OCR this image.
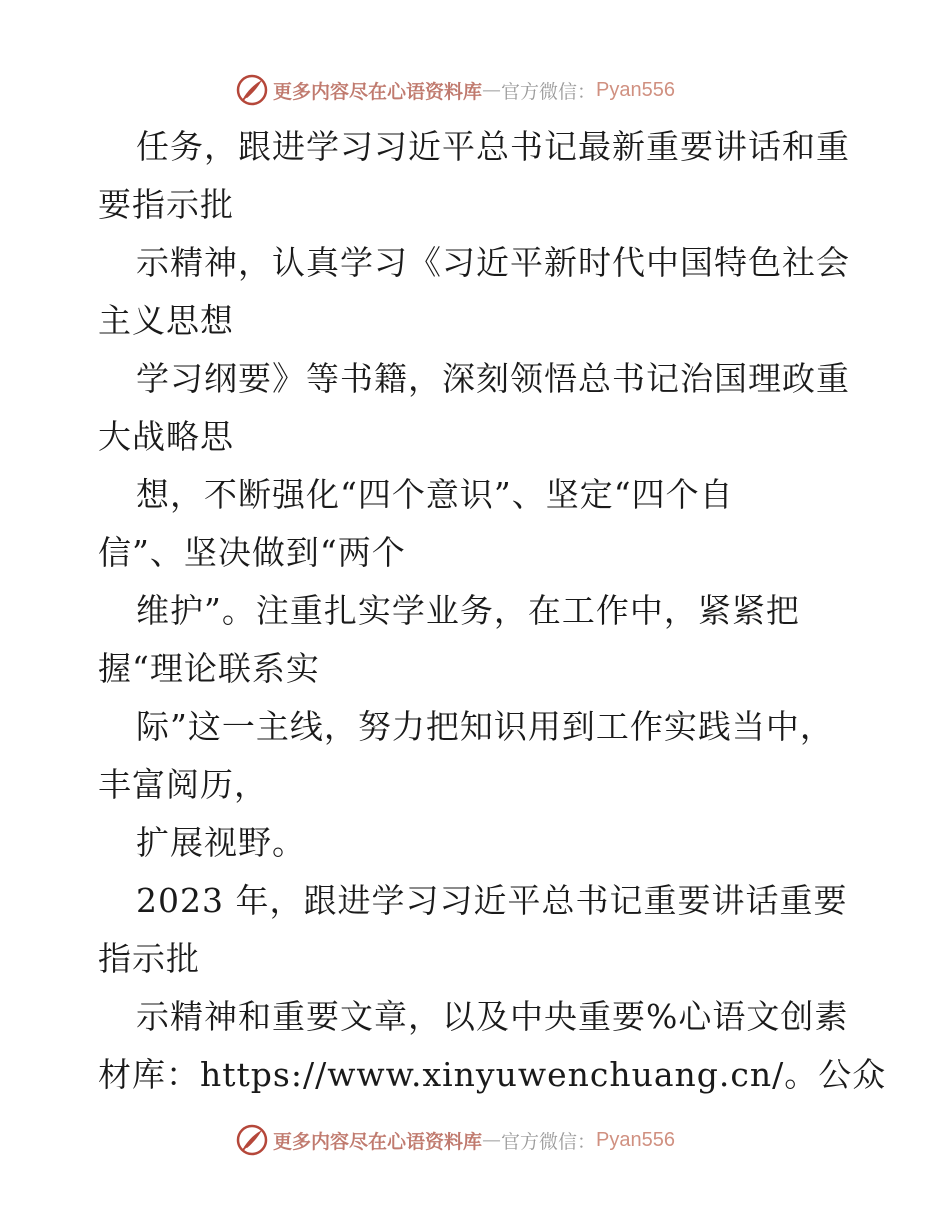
更多内容尽在心语资料库 — 官方微信： Pyan556
任务，跟进学习习近平总书记最新重要讲话和重
要指示批
示精神，认真学习《习近平新时代中国特色社会
主义思想
学习纲要》等书籍，深刻领悟总书记治国理政重
大战略思
想，不断强化“四个意识”、坚定“四个自
信”、坚决做到“两个
维护”。注重扎实学业务，在工作中，紧紧把
握“理论联系实
际”这一主线，努力把知识用到工作实践当中，
丰富阅历，
扩展视野。
2023 年，跟进学习习近平总书记重要讲话重要
指示批
示精神和重要文章，以及中央重要%心语文创素
材库：https://www.xinyuwenchuang.cn/。公众
更多内容尽在心语资料库 — 官方微信： Pyan556
